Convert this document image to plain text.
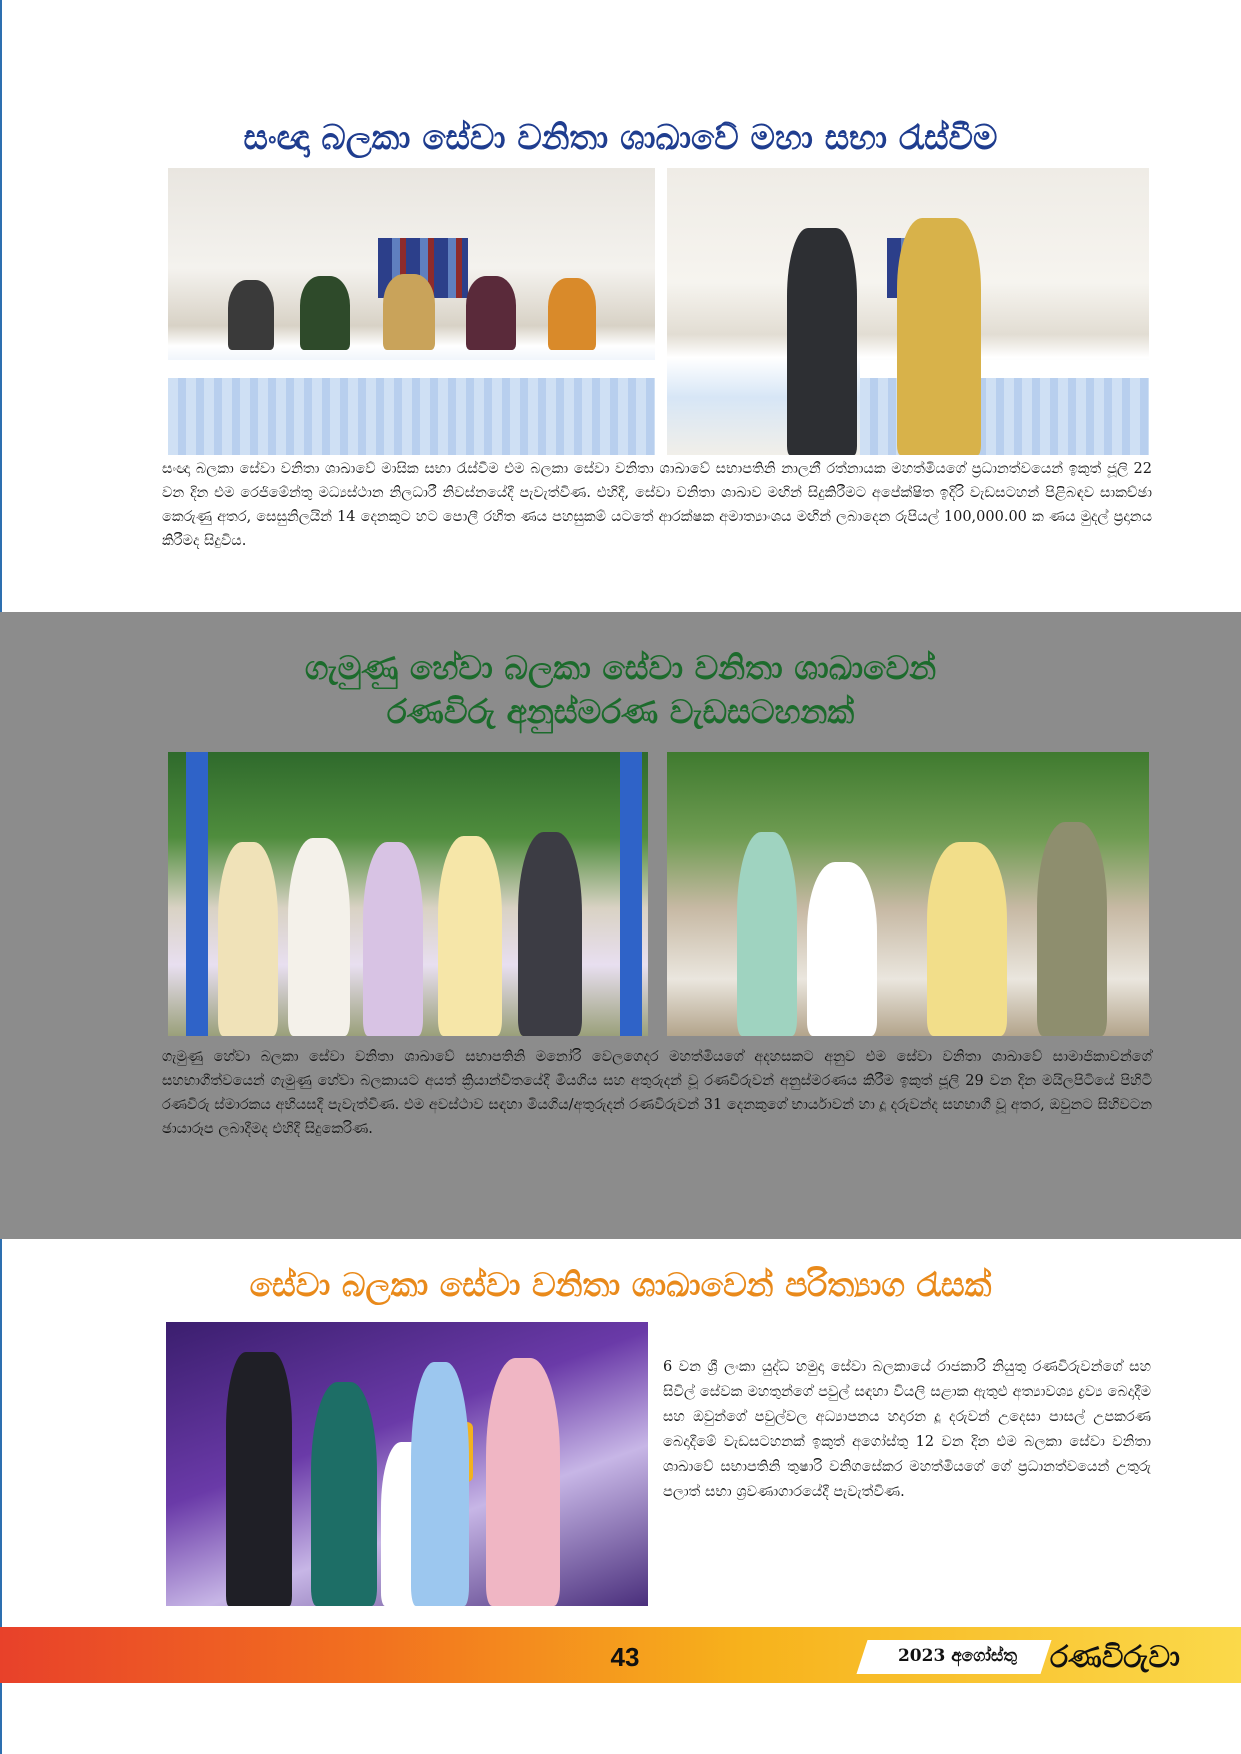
සංඥා බලකා සේවා වනිතා ශාඛාවේ මහා සභා රැස්වීම

සංඥා බලකා සේවා වනිතා ශාඛාවේ මාසික සභා රැස්වීම එම බලකා සේවා වනිතා ශාඛාවේ සභාපතිනි නාලනී රත්නායක මහත්මියගේ ප්‍රධානත්වයෙන් ඉකුත් ජූලි 22 වන දින එම රෙජිමේන්තු මධ්‍යස්ථාන නිලධාරී නිවස්නයේදී පැවැත්විණ. එහිදී, සේවා වනිතා ශාඛාව මඟින් සිදුකිරීමට අපේක්ෂිත ඉදිරි වැඩසටහන් පිළිබඳව සාකච්ඡා කෙරුණු අතර, සෙසුනිලයින් 14 දෙනකුට හට පොලී රහිත ණය පහසුකම් යටතේ ආරක්ෂක අමාත්‍යාංශය මඟින් ලබාදෙන රුපියල් 100,000.00 ක ණය මුදල් ප්‍රදානය කිරීමද සිදුවිය.

ගැමුණු හේවා බලකා සේවා වනිතා ශාඛාවෙන්
රණවිරු අනුස්මරණ වැඩසටහනක්

ගැමුණු හේවා බලකා සේවා වනිතා ශාඛාවේ සභාපතිනි මනෝරි වෙලගෙදර මහත්මියගේ අදහසකට අනුව එම සේවා වනිතා ශාඛාවේ සාමාජිකාවන්ගේ සහභාගීත්වයෙන් ගැමුණු හේවා බලකායට අයත් ක්‍රියාන්විතයේදී මියගිය සහ අතුරුදන් වූ රණවිරුවන් අනුස්මරණය කිරීම ඉකුත් ජූලි 29 වන දින මයිලපිටියේ පිහිටි රණවිරු ස්මාරකය අභියසදී පැවැත්විණ. එම අවස්ථාව සඳහා මියගිය/අතුරුදන් රණවිරුවන් 31 දෙනකුගේ භාර්යාවන් හා දූ දරුවන්ද සහභාගී වූ අතර, ඔවුනට සිහිවටන ඡායාරූප ලබාදීමද එහිදී සිදුකෙරිණ.

සේවා බලකා සේවා වනිතා ශාඛාවෙන් පරිත්‍යාග රැසක්

6 වන ශ්‍රී ලංකා යුද්ධ හමුදා සේවා බලකායේ රාජකාරි නියුතු රණවිරුවන්ගේ සහ සිවිල් සේවක මහතුන්ගේ පවුල් සඳහා වියලි සළාක ඇතුළු අත්‍යාවශ්‍ය ද්‍රව්‍ය බෙදාදීම සහ ඔවුන්ගේ පවුල්වල අධ්‍යාපනය හදාරන දූ දරුවන් උදෙසා පාසල් උපකරණ බෙදාදීමේ වැඩසටහනක් ඉකුත් අගෝස්තු 12 වන දින එම බලකා සේවා වනිතා ශාඛාවේ සභාපතිනි තුෂාරි වනිගසේකර මහත්මියගේ ගේ ප්‍රධානත්වයෙන් උතුරු පලාත් සභා ශ්‍රවණාගාරයේදී පැවැත්විණ.

43	2023 අගෝස්තු	රණවිරුවා
